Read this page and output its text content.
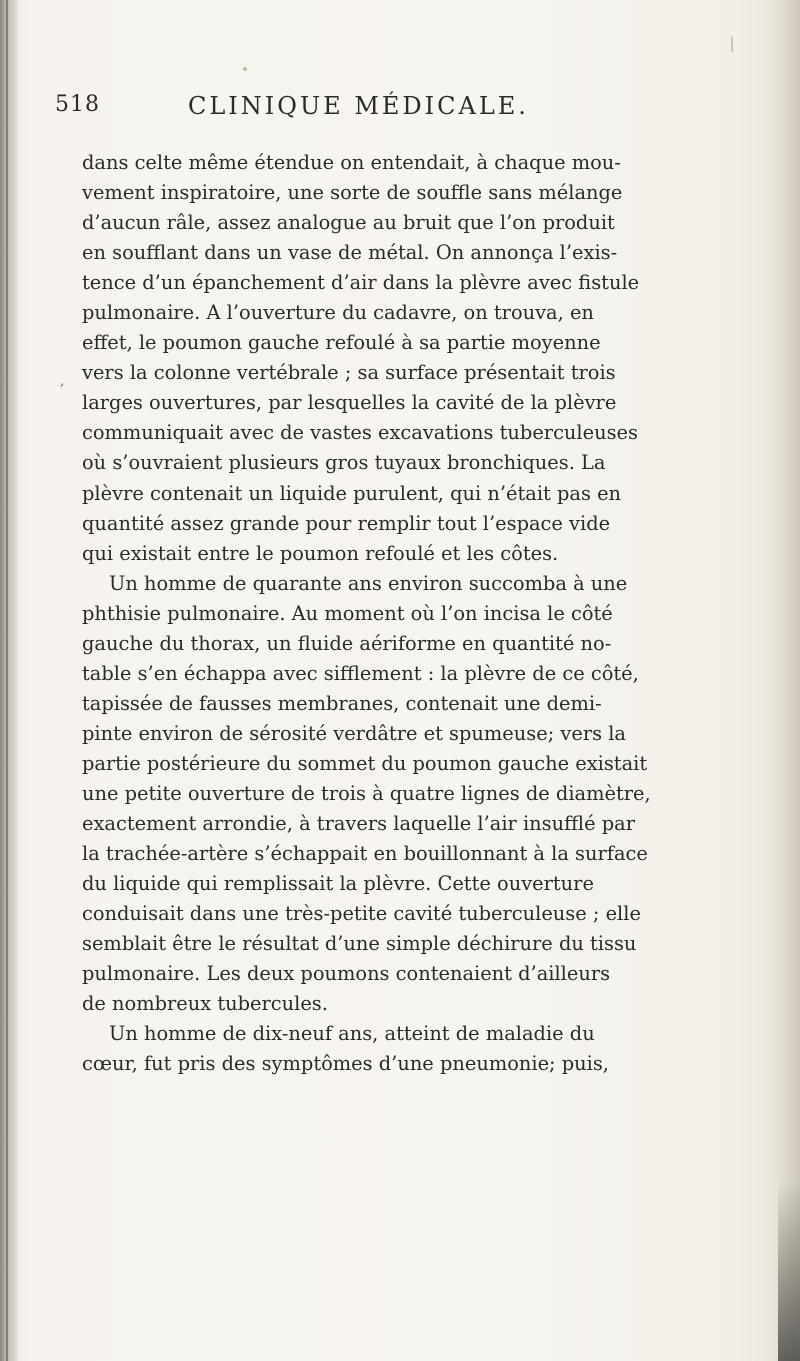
/
,
518	CLINIQUE MÉDICALE.
dans celte même étendue on entendait, à chaque mou-
vement inspiratoire, une sorte de souffle sans mélange
d’aucun râle, assez analogue au bruit que l’on produit
en soufflant dans un vase de métal. On annonça l’exis-
tence d’un épanchement d’air dans la plèvre avec fistule
pulmonaire. A l’ouverture du cadavre, on trouva, en
effet, le poumon gauche refoulé à sa partie moyenne
vers la colonne vertébrale ; sa surface présentait trois
larges ouvertures, par lesquelles la cavité de la plèvre
communiquait avec de vastes excavations tuberculeuses
où s’ouvraient plusieurs gros tuyaux bronchiques. La
plèvre contenait un liquide purulent, qui n’était pas en
quantité assez grande pour remplir tout l’espace vide
qui existait entre le poumon refoulé et les côtes.
Un homme de quarante ans environ succomba à une
phthisie pulmonaire. Au moment où l’on incisa le côté
gauche du thorax, un fluide aériforme en quantité no-
table s’en échappa avec sifflement : la plèvre de ce côté,
tapissée de fausses membranes, contenait une demi-
pinte environ de sérosité verdâtre et spumeuse; vers la
partie postérieure du sommet du poumon gauche existait
une petite ouverture de trois à quatre lignes de diamètre,
exactement arrondie, à travers laquelle l’air insufflé par
la trachée-artère s’échappait en bouillonnant à la surface
du liquide qui remplissait la plèvre. Cette ouverture
conduisait dans une très-petite cavité tuberculeuse ; elle
semblait être le résultat d’une simple déchirure du tissu
pulmonaire. Les deux poumons contenaient d’ailleurs
de nombreux tubercules.
Un homme de dix-neuf ans, atteint de maladie du
cœur, fut pris des symptômes d’une pneumonie; puis,
